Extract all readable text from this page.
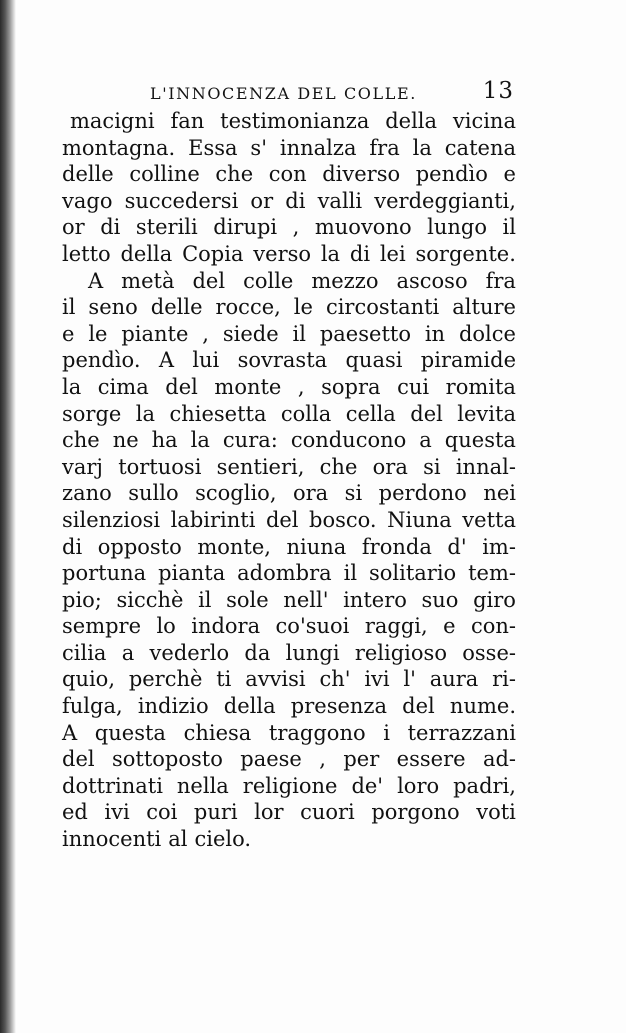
L'INNOCENZA DEL COLLE.	13
macigni fan testimonianza della vicina
montagna. Essa s' innalza fra la catena
delle colline che con diverso pendìo e
vago succedersi or di valli verdeggianti,
or di sterili dirupi , muovono lungo il
letto della Copia verso la di lei sorgente.
A metà del colle mezzo ascoso fra
il seno delle rocce, le circostanti alture
e le piante , siede il paesetto in dolce
pendìo. A lui sovrasta quasi piramide
la cima del monte , sopra cui romita
sorge la chiesetta colla cella del levita
che ne ha la cura: conducono a questa
varj tortuosi sentieri, che ora si innal-
zano sullo scoglio, ora si perdono nei
silenziosi labirinti del bosco. Niuna vetta
di opposto monte, niuna fronda d' im-
portuna pianta adombra il solitario tem-
pio; sicchè il sole nell' intero suo giro
sempre lo indora co'suoi raggi, e con-
cilia a vederlo da lungi religioso osse-
quio, perchè ti avvisi ch' ivi l' aura ri-
fulga, indizio della presenza del nume.
A questa chiesa traggono i terrazzani
del sottoposto paese , per essere ad-
dottrinati nella religione de' loro padri,
ed ivi coi puri lor cuori porgono voti
innocenti al cielo.
